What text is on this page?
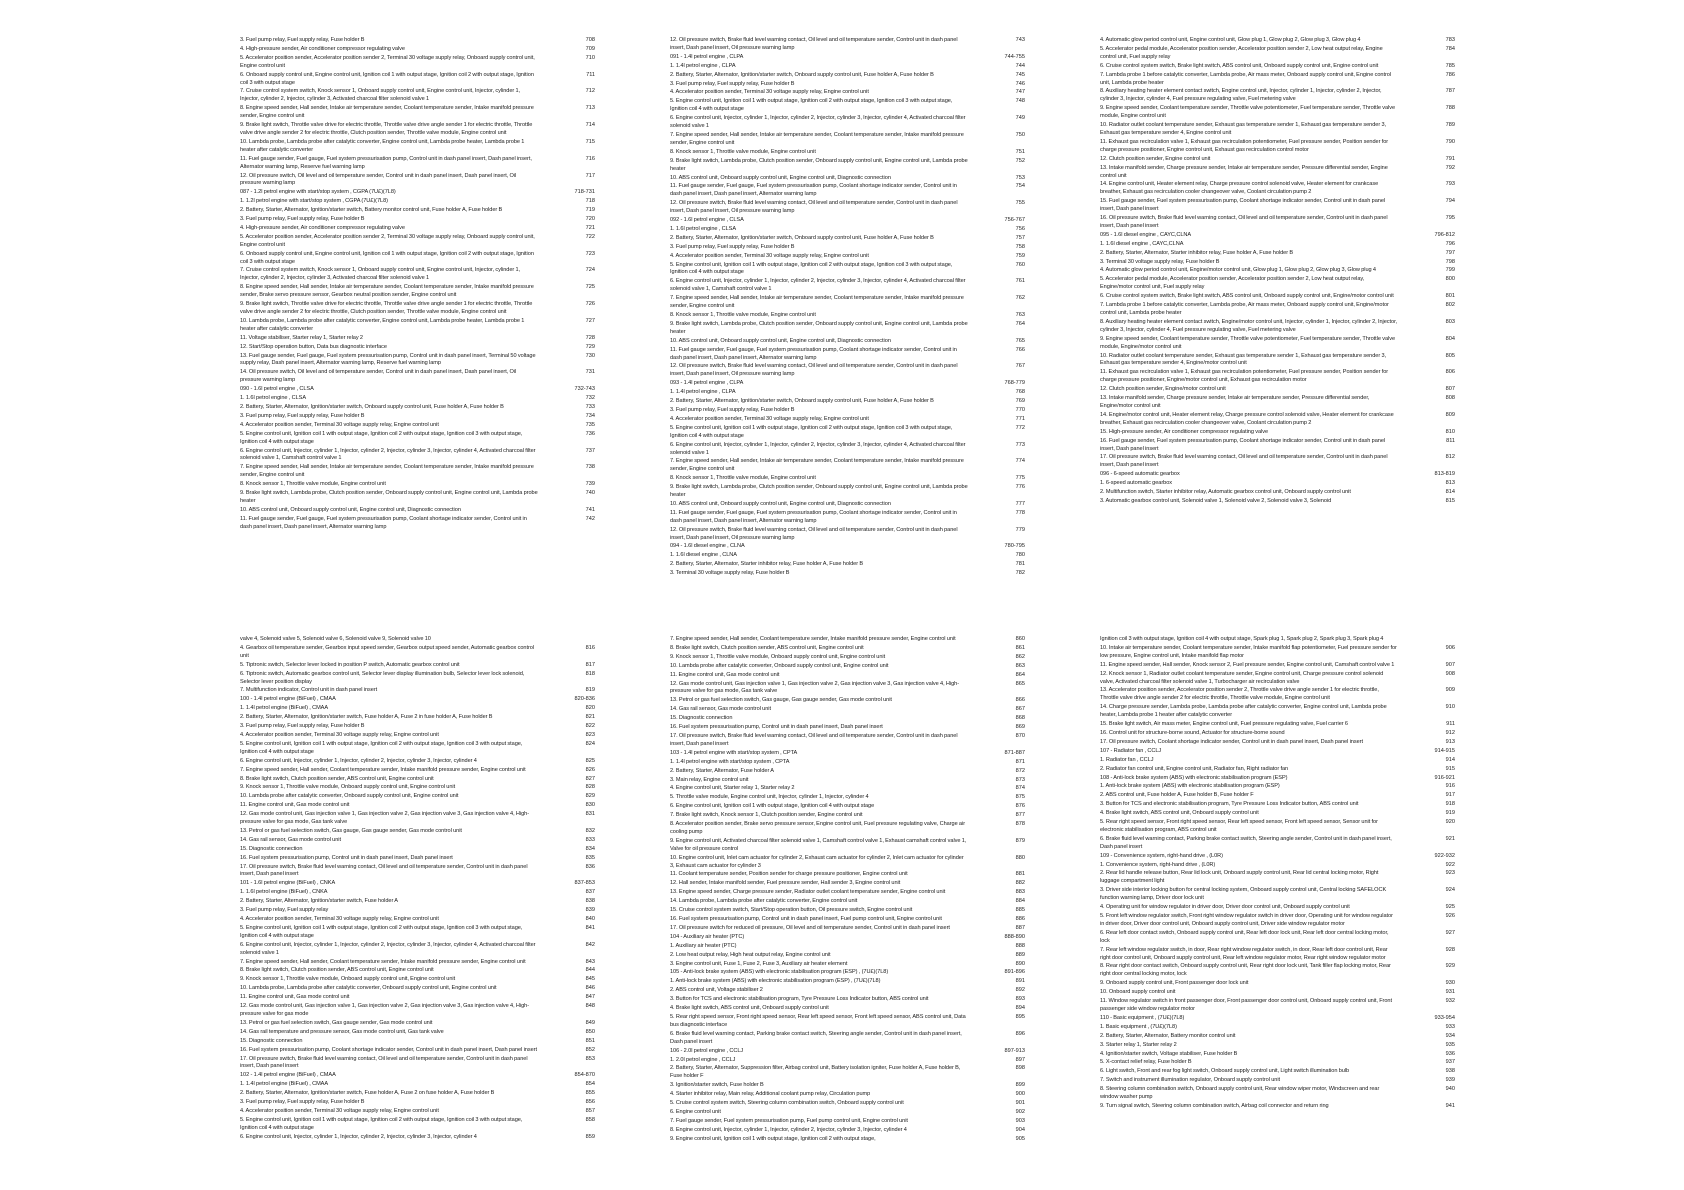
3. Fuel pump relay, Fuel supply relay, Fuse holder B	708
4. High-pressure sender, Air conditioner compressor regulating valve	709
5. Accelerator position sender, Accelerator position sender 2, Terminal 30 voltage supply relay, Onboard supply control unit, Engine control unit
710
6. Onboard supply control unit, Engine control unit, Ignition coil 1 with output stage, Ignition coil 2 with output stage, Ignition coil 3 with output stage
711
7. Cruise control system switch, Knock sensor 1, Onboard supply control unit, Engine control unit, Injector, cylinder 1, Injector, cylinder 2, Injector, cylinder 3, Activated charcoal filter solenoid valve 1
712
8. Engine speed sender, Hall sender, Intake air temperature sender, Coolant temperature sender, Intake manifold pressure sender, Engine control unit
713
9. Brake light switch, Throttle valve drive for electric throttle, Throttle valve drive angle sender 1 for electric throttle, Throttle valve drive angle sender 2 for electric throttle, Clutch position sender, Throttle valve module, Engine control unit
714
10. Lambda probe, Lambda probe after catalytic converter, Engine control unit, Lambda probe heater, Lambda probe 1 heater after catalytic converter
715
11. Fuel gauge sender, Fuel gauge, Fuel system pressurisation pump, Control unit in dash panel insert, Dash panel insert, Alternator warning lamp, Reserve fuel warning lamp
716
12. Oil pressure switch, Oil level and oil temperature sender, Control unit in dash panel insert, Dash panel insert, Oil pressure warning lamp
717
087 - 1.2l petrol engine with start/stop system , CGPA (7U£)(7L8)	718-731
1. 1.2l petrol engine with start/stop system , CGPA (7U£)(7L8)	718
2. Battery, Starter, Alternator, Ignition/starter switch, Battery monitor control unit, Fuse holder A, Fuse holder B	719
3. Fuel pump relay, Fuel supply relay, Fuse holder B	720
4. High-pressure sender, Air conditioner compressor regulating valve	721
5. Accelerator position sender, Accelerator position sender 2, Terminal 30 voltage supply relay, Onboard supply control unit, Engine control unit
722
6. Onboard supply control unit, Engine control unit, Ignition coil 1 with output stage, Ignition coil 2 with output stage, Ignition coil 3 with output stage
723
7. Cruise control system switch, Knock sensor 1, Onboard supply control unit, Engine control unit, Injector, cylinder 1, Injector, cylinder 2, Injector, cylinder 3, Activated charcoal filter solenoid valve 1
724
8. Engine speed sender, Hall sender, Intake air temperature sender, Coolant temperature sender, Intake manifold pressure sender, Brake servo pressure sensor, Gearbox neutral position sender, Engine control unit
725
9. Brake light switch, Throttle valve drive for electric throttle, Throttle valve drive angle sender 1 for electric throttle, Throttle valve drive angle sender 2 for electric throttle, Clutch position sender, Throttle valve module, Engine control unit
726
10. Lambda probe, Lambda probe after catalytic converter, Engine control unit, Lambda probe heater, Lambda probe 1 heater after catalytic converter
727
11. Voltage stabiliser, Starter relay 1, Starter relay 2	728
12. Start/Stop operation button, Data bus diagnostic interface	729
13. Fuel gauge sender, Fuel gauge, Fuel system pressurisation pump, Control unit in dash panel insert, Terminal 50 voltage supply relay, Dash panel insert, Alternator warning lamp, Reserve fuel warning lamp
730
14. Oil pressure switch, Oil level and oil temperature sender, Control unit in dash panel insert, Dash panel insert, Oil pressure warning lamp
731
090 - 1.6l petrol engine , CLSA	732-743
1. 1.6l petrol engine , CLSA	732
2. Battery, Starter, Alternator, Ignition/starter switch, Onboard supply control unit, Fuse holder A, Fuse holder B	733
3. Fuel pump relay, Fuel supply relay, Fuse holder B	734
4. Accelerator position sender, Terminal 30 voltage supply relay, Engine control unit	735
5. Engine control unit, Ignition coil 1 with output stage, Ignition coil 2 with output stage, Ignition coil 3 with output stage, Ignition coil 4 with output stage
736
6. Engine control unit, Injector, cylinder 1, Injector, cylinder 2, Injector, cylinder 3, Injector, cylinder 4, Activated charcoal filter solenoid valve 1, Camshaft control valve 1
737
7. Engine speed sender, Hall sender, Intake air temperature sender, Coolant temperature sender, Intake manifold pressure sender, Engine control unit
738
8. Knock sensor 1, Throttle valve module, Engine control unit	739
9. Brake light switch, Lambda probe, Clutch position sender, Onboard supply control unit, Engine control unit, Lambda probe heater
740
10. ABS control unit, Onboard supply control unit, Engine control unit, Diagnostic connection	741
11. Fuel gauge sender, Fuel gauge, Fuel system pressurisation pump, Coolant shortage indicator sender, Control unit in dash panel insert, Dash panel insert, Alternator warning lamp
742
12. Oil pressure switch, Brake fluid level warning contact, Oil level and oil temperature sender, Control unit in dash panel insert, Dash panel insert, Oil pressure warning lamp
743
091 - 1.4l petrol engine , CLPA	744-755
1. 1.4l petrol engine , CLPA	744
2. Battery, Starter, Alternator, Ignition/starter switch, Onboard supply control unit, Fuse holder A, Fuse holder B	745
3. Fuel pump relay, Fuel supply relay, Fuse holder B	746
4. Accelerator position sender, Terminal 30 voltage supply relay, Engine control unit	747
5. Engine control unit, Ignition coil 1 with output stage, Ignition coil 2 with output stage, Ignition coil 3 with output stage, Ignition coil 4 with output stage
748
6. Engine control unit, Injector, cylinder 1, Injector, cylinder 2, Injector, cylinder 3, Injector, cylinder 4, Activated charcoal filter solenoid valve 1
749
7. Engine speed sender, Hall sender, Intake air temperature sender, Coolant temperature sender, Intake manifold pressure sender, Engine control unit
750
8. Knock sensor 1, Throttle valve module, Engine control unit	751
9. Brake light switch, Lambda probe, Clutch position sender, Onboard supply control unit, Engine control unit, Lambda probe heater
752
10. ABS control unit, Onboard supply control unit, Engine control unit, Diagnostic connection	753
11. Fuel gauge sender, Fuel gauge, Fuel system pressurisation pump, Coolant shortage indicator sender, Control unit in dash panel insert, Dash panel insert, Alternator warning lamp
754
12. Oil pressure switch, Brake fluid level warning contact, Oil level and oil temperature sender, Control unit in dash panel insert, Dash panel insert, Oil pressure warning lamp
755
092 - 1.6l petrol engine , CLSA	756-767
1. 1.6l petrol engine , CLSA	756
2. Battery, Starter, Alternator, Ignition/starter switch, Onboard supply control unit, Fuse holder A, Fuse holder B	757
3. Fuel pump relay, Fuel supply relay, Fuse holder B	758
4. Accelerator position sender, Terminal 30 voltage supply relay, Engine control unit	759
5. Engine control unit, Ignition coil 1 with output stage, Ignition coil 2 with output stage, Ignition coil 3 with output stage, Ignition coil 4 with output stage
760
6. Engine control unit, Injector, cylinder 1, Injector, cylinder 2, Injector, cylinder 3, Injector, cylinder 4, Activated charcoal filter solenoid valve 1, Camshaft control valve 1
761
7. Engine speed sender, Hall sender, Intake air temperature sender, Coolant temperature sender, Intake manifold pressure sender, Engine control unit
762
8. Knock sensor 1, Throttle valve module, Engine control unit	763
9. Brake light switch, Lambda probe, Clutch position sender, Onboard supply control unit, Engine control unit, Lambda probe heater
764
10. ABS control unit, Onboard supply control unit, Engine control unit, Diagnostic connection	765
11. Fuel gauge sender, Fuel gauge, Fuel system pressurisation pump, Coolant shortage indicator sender, Control unit in dash panel insert, Dash panel insert, Alternator warning lamp
766
12. Oil pressure switch, Brake fluid level warning contact, Oil level and oil temperature sender, Control unit in dash panel insert, Dash panel insert, Oil pressure warning lamp
767
093 - 1.4l petrol engine , CLPA	768-779
1. 1.4l petrol engine , CLPA	768
2. Battery, Starter, Alternator, Ignition/starter switch, Onboard supply control unit, Fuse holder A, Fuse holder B	769
3. Fuel pump relay, Fuel supply relay, Fuse holder B	770
4. Accelerator position sender, Terminal 30 voltage supply relay, Engine control unit	771
5. Engine control unit, Ignition coil 1 with output stage, Ignition coil 2 with output stage, Ignition coil 3 with output stage, Ignition coil 4 with output stage
772
6. Engine control unit, Injector, cylinder 1, Injector, cylinder 2, Injector, cylinder 3, Injector, cylinder 4, Activated charcoal filter solenoid valve 1
773
7. Engine speed sender, Hall sender, Intake air temperature sender, Coolant temperature sender, Intake manifold pressure sender, Engine control unit
774
8. Knock sensor 1, Throttle valve module, Engine control unit	775
9. Brake light switch, Lambda probe, Clutch position sender, Onboard supply control unit, Engine control unit, Lambda probe heater
776
10. ABS control unit, Onboard supply control unit, Engine control unit, Diagnostic connection	777
11. Fuel gauge sender, Fuel gauge, Fuel system pressurisation pump, Coolant shortage indicator sender, Control unit in dash panel insert, Dash panel insert, Alternator warning lamp
778
12. Oil pressure switch, Brake fluid level warning contact, Oil level and oil temperature sender, Control unit in dash panel insert, Dash panel insert, Oil pressure warning lamp
779
094 - 1.6l diesel engine , CLNA	780-795
1. 1.6l diesel engine , CLNA	780
2. Battery, Starter, Alternator, Starter inhibitor relay, Fuse holder A, Fuse holder B	781
3. Terminal 30 voltage supply relay, Fuse holder B	782
4. Automatic glow period control unit, Engine control unit, Glow plug 1, Glow plug 2, Glow plug 3, Glow plug 4	783
5. Accelerator pedal module, Accelerator position sender, Accelerator position sender 2, Low heat output relay, Engine control unit, Fuel supply relay
784
6. Cruise control system switch, Brake light switch, ABS control unit, Onboard supply control unit, Engine control unit	785
7. Lambda probe 1 before catalytic converter, Lambda probe, Air mass meter, Onboard supply control unit, Engine control unit, Lambda probe heater
786
8. Auxiliary heating heater element contact switch, Engine control unit, Injector, cylinder 1, Injector, cylinder 2, Injector, cylinder 3, Injector, cylinder 4, Fuel pressure regulating valve, Fuel metering valve
787
9. Engine speed sender, Coolant temperature sender, Throttle valve potentiometer, Fuel temperature sender, Throttle valve module, Engine control unit
788
10. Radiator outlet coolant temperature sender, Exhaust gas temperature sender 1, Exhaust gas temperature sender 3, Exhaust gas temperature sender 4, Engine control unit
789
11. Exhaust gas recirculation valve 1, Exhaust gas recirculation potentiometer, Fuel pressure sender, Position sender for charge pressure positioner, Engine control unit, Exhaust gas recirculation control motor
790
12. Clutch position sender, Engine control unit	791
13. Intake manifold sender, Charge pressure sender, Intake air temperature sender, Pressure differential sender, Engine control unit
792
14. Engine control unit, Heater element relay, Charge pressure control solenoid valve, Heater element for crankcase breather, Exhaust gas recirculation cooler changeover valve, Coolant circulation pump 2
793
15. Fuel gauge sender, Fuel system pressurisation pump, Coolant shortage indicator sender, Control unit in dash panel insert, Dash panel insert
794
16. Oil pressure switch, Brake fluid level warning contact, Oil level and oil temperature sender, Control unit in dash panel insert, Dash panel insert
795
095 - 1.6l diesel engine , CAYC,CLNA	796-812
1. 1.6l diesel engine , CAYC,CLNA	796
2. Battery, Starter, Alternator, Starter inhibitor relay, Fuse holder A, Fuse holder B	797
3. Terminal 30 voltage supply relay, Fuse holder B	798
4. Automatic glow period control unit, Engine/motor control unit, Glow plug 1, Glow plug 2, Glow plug 3, Glow plug 4	799
5. Accelerator pedal module, Accelerator position sender, Accelerator position sender 2, Low heat output relay, Engine/motor control unit, Fuel supply relay
800
6. Cruise control system switch, Brake light switch, ABS control unit, Onboard supply control unit, Engine/motor control unit	801
7. Lambda probe 1 before catalytic converter, Lambda probe, Air mass meter, Onboard supply control unit, Engine/motor control unit, Lambda probe heater
802
8. Auxiliary heating heater element contact switch, Engine/motor control unit, Injector, cylinder 1, Injector, cylinder 2, Injector, cylinder 3, Injector, cylinder 4, Fuel pressure regulating valve, Fuel metering valve
803
9. Engine speed sender, Coolant temperature sender, Throttle valve potentiometer, Fuel temperature sender, Throttle valve module, Engine/motor control unit
804
10. Radiator outlet coolant temperature sender, Exhaust gas temperature sender 1, Exhaust gas temperature sender 3, Exhaust gas temperature sender 4, Engine/motor control unit
805
11. Exhaust gas recirculation valve 1, Exhaust gas recirculation potentiometer, Fuel pressure sender, Position sender for charge pressure positioner, Engine/motor control unit, Exhaust gas recirculation motor
806
12. Clutch position sender, Engine/motor control unit	807
13. Intake manifold sender, Charge pressure sender, Intake air temperature sender, Pressure differential sender, Engine/motor control unit
808
14. Engine/motor control unit, Heater element relay, Charge pressure control solenoid valve, Heater element for crankcase breather, Exhaust gas recirculation cooler changeover valve, Coolant circulation pump 2
809
15. High-pressure sender, Air conditioner compressor regulating valve	810
16. Fuel gauge sender, Fuel system pressurisation pump, Coolant shortage indicator sender, Control unit in dash panel insert, Dash panel insert
811
17. Oil pressure switch, Brake fluid level warning contact, Oil level and oil temperature sender, Control unit in dash panel insert, Dash panel insert
812
096 - 6-speed automatic gearbox	813-819
1. 6-speed automatic gearbox	813
2. Multifunction switch, Starter inhibitor relay, Automatic gearbox control unit, Onboard supply control unit	814
3. Automatic gearbox control unit, Solenoid valve 1, Solenoid valve 2, Solenoid valve 3, Solenoid	815
valve 4, Solenoid valve 5, Solenoid valve 6, Solenoid valve 9, Solenoid valve 10
4. Gearbox oil temperature sender, Gearbox input speed sender, Gearbox output speed sender, Automatic gearbox control unit
816
5. Tiptronic switch, Selector lever locked in position P switch, Automatic gearbox control unit	817
6. Tiptronic switch, Automatic gearbox control unit, Selector lever display illumination bulb, Selector lever lock solenoid, Selector lever position display
818
7. Multifunction indicator, Control unit in dash panel insert	819
100 - 1.4l petrol engine (BiFuel) , CMAA	820-836
1. 1.4l petrol engine (BiFuel) , CMAA	820
2. Battery, Starter, Alternator, Ignition/starter switch, Fuse holder A, Fuse 2 in fuse holder A, Fuse holder B	821
3. Fuel pump relay, Fuel supply relay, Fuse holder B	822
4. Accelerator position sender, Terminal 30 voltage supply relay, Engine control unit	823
5. Engine control unit, Ignition coil 1 with output stage, Ignition coil 2 with output stage, Ignition coil 3 with output stage, Ignition coil 4 with output stage
824
6. Engine control unit, Injector, cylinder 1, Injector, cylinder 2, Injector, cylinder 3, Injector, cylinder 4	825
7. Engine speed sender, Hall sender, Coolant temperature sender, Intake manifold pressure sender, Engine control unit	826
8. Brake light switch, Clutch position sender, ABS control unit, Engine control unit	827
9. Knock sensor 1, Throttle valve module, Onboard supply control unit, Engine control unit	828
10. Lambda probe after catalytic converter, Onboard supply control unit, Engine control unit	829
11. Engine control unit, Gas mode control unit	830
12. Gas mode control unit, Gas injection valve 1, Gas injection valve 2, Gas injection valve 3, Gas injection valve 4, High-pressure valve for gas mode, Gas tank valve
831
13. Petrol or gas fuel selection switch, Gas gauge, Gas gauge sender, Gas mode control unit	832
14. Gas rail sensor, Gas mode control unit	833
15. Diagnostic connection	834
16. Fuel system pressurisation pump, Control unit in dash panel insert, Dash panel insert	835
17. Oil pressure switch, Brake fluid level warning contact, Oil level and oil temperature sender, Control unit in dash panel insert, Dash panel insert
836
101 - 1.6l petrol engine (BiFuel) , CNKA	837-853
1. 1.6l petrol engine (BiFuel) , CNKA	837
2. Battery, Starter, Alternator, Ignition/starter switch, Fuse holder A	838
3. Fuel pump relay, Fuel supply relay	839
4. Accelerator position sender, Terminal 30 voltage supply relay, Engine control unit	840
5. Engine control unit, Ignition coil 1 with output stage, Ignition coil 2 with output stage, Ignition coil 3 with output stage, Ignition coil 4 with output stage
841
6. Engine control unit, Injector, cylinder 1, Injector, cylinder 2, Injector, cylinder 3, Injector, cylinder 4, Activated charcoal filter solenoid valve 1
842
7. Engine speed sender, Hall sender, Coolant temperature sender, Intake manifold pressure sender, Engine control unit	843
8. Brake light switch, Clutch position sender, ABS control unit, Engine control unit	844
9. Knock sensor 1, Throttle valve module, Onboard supply control unit, Engine control unit	845
10. Lambda probe, Lambda probe after catalytic converter, Onboard supply control unit, Engine control unit	846
11. Engine control unit, Gas mode control unit	847
12. Gas mode control unit, Gas injection valve 1, Gas injection valve 2, Gas injection valve 3, Gas injection valve 4, High-pressure valve for gas mode
848
13. Petrol or gas fuel selection switch, Gas gauge sender, Gas mode control unit	849
14. Gas rail temperature and pressure sensor, Gas mode control unit, Gas tank valve	850
15. Diagnostic connection	851
16. Fuel system pressurisation pump, Coolant shortage indicator sender, Control unit in dash panel insert, Dash panel insert	852
17. Oil pressure switch, Brake fluid level warning contact, Oil level and oil temperature sender, Control unit in dash panel insert, Dash panel insert
853
102 - 1.4l petrol engine (BiFuel) , CMAA	854-870
1. 1.4l petrol engine (BiFuel) , CMAA	854
2. Battery, Starter, Alternator, Ignition/starter switch, Fuse holder A, Fuse 2 on fuse holder A, Fuse holder B	855
3. Fuel pump relay, Fuel supply relay, Fuse holder B	856
4. Accelerator position sender, Terminal 30 voltage supply relay, Engine control unit	857
5. Engine control unit, Ignition coil 1 with output stage, Ignition coil 2 with output stage, Ignition coil 3 with output stage, Ignition coil 4 with output stage
858
6. Engine control unit, Injector, cylinder 1, Injector, cylinder 2, Injector, cylinder 3, Injector, cylinder 4	859
7. Engine speed sender, Hall sender, Coolant temperature sender, Intake manifold pressure sender, Engine control unit	860
8. Brake light switch, Clutch position sender, ABS control unit, Engine control unit	861
9. Knock sensor 1, Throttle valve module, Onboard supply control unit, Engine control unit	862
10. Lambda probe after catalytic converter, Onboard supply control unit, Engine control unit	863
11. Engine control unit, Gas mode control unit	864
12. Gas mode control unit, Gas injection valve 1, Gas injection valve 2, Gas injection valve 3, Gas injection valve 4, High-pressure valve for gas mode, Gas tank valve
865
13. Petrol or gas fuel selection switch, Gas gauge, Gas gauge sender, Gas mode control unit	866
14. Gas rail sensor, Gas mode control unit	867
15. Diagnostic connection	868
16. Fuel system pressurisation pump, Control unit in dash panel insert, Dash panel insert	869
17. Oil pressure switch, Brake fluid level warning contact, Oil level and oil temperature sender, Control unit in dash panel insert, Dash panel insert
870
103 - 1.4l petrol engine with start/stop system , CPTA	871-887
1. 1.4l petrol engine with start/stop system , CPTA	871
2. Battery, Starter, Alternator, Fuse holder A	872
3. Main relay, Engine control unit	873
4. Engine control unit, Starter relay 1, Starter relay 2	874
5. Throttle valve module, Engine control unit, Injector, cylinder 1, Injector, cylinder 4	875
6. Engine control unit, Ignition coil 1 with output stage, Ignition coil 4 with output stage	876
7. Brake light switch, Knock sensor 1, Clutch position sender, Engine control unit	877
8. Accelerator position sender, Brake servo pressure sensor, Engine control unit, Fuel pressure regulating valve, Charge air cooling pump
878
9. Engine control unit, Activated charcoal filter solenoid valve 1, Camshaft control valve 1, Exhaust camshaft control valve 1, Valve for oil pressure control
879
10. Engine control unit, Inlet cam actuator for cylinder 2, Exhaust cam actuator for cylinder 2, Inlet cam actuator for cylinder 3, Exhaust cam actuator for cylinder 3
880
11. Coolant temperature sender, Position sender for charge pressure positioner, Engine control unit	881
12. Hall sender, Intake manifold sender, Fuel pressure sender, Hall sender 3, Engine control unit	882
13. Engine speed sender, Charge pressure sender, Radiator outlet coolant temperature sender, Engine control unit	883
14. Lambda probe, Lambda probe after catalytic converter, Engine control unit	884
15. Cruise control system switch, Start/Stop operation button, Oil pressure switch, Engine control unit	885
16. Fuel system pressurisation pump, Control unit in dash panel insert, Fuel pump control unit, Engine control unit	886
17. Oil pressure switch for reduced oil pressure, Oil level and oil temperature sender, Control unit in dash panel insert	887
104 - Auxiliary air heater (PTC)	888-890
1. Auxiliary air heater (PTC)	888
2. Low heat output relay, High heat output relay, Engine control unit	889
3. Engine control unit, Fuse 1, Fuse 2, Fuse 3, Auxiliary air heater element	890
105 - Anti-lock brake system (ABS) with electronic stabilisation program (ESP) , (7U£)(7L8)	891-896
1. Anti-lock brake system (ABS) with electronic stabilisation program (ESP) , (7U£)(7L8)	891
2. ABS control unit, Voltage stabiliser 2	892
3. Button for TCS and electronic stabilisation program, Tyre Pressure Loss Indicator button, ABS control unit	893
4. Brake light switch, ABS control unit, Onboard supply control unit	894
5. Rear right speed sensor, Front right speed sensor, Rear left speed sensor, Front left speed sensor, ABS control unit, Data bus diagnostic interface
895
6. Brake fluid level warning contact, Parking brake contact switch, Steering angle sender, Control unit in dash panel insert, Dash panel insert
896
106 - 2.0l petrol engine , CCLJ	897-913
1. 2.0l petrol engine , CCLJ	897
2. Battery, Starter, Alternator, Suppression filter, Airbag control unit, Battery isolation igniter, Fuse holder A, Fuse holder B, Fuse holder F
898
3. Ignition/starter switch, Fuse holder B	899
4. Starter inhibitor relay, Main relay, Additional coolant pump relay, Circulation pump	900
5. Cruise control system switch, Steering column combination switch, Onboard supply control unit	901
6. Engine control unit	902
7. Fuel gauge sender, Fuel system pressurisation pump, Fuel pump control unit, Engine control unit	903
8. Engine control unit, Injector, cylinder 1, Injector, cylinder 2, Injector, cylinder 3, Injector, cylinder 4	904
9. Engine control unit, Ignition coil 1 with output stage, Ignition coil 2 with output stage,	905
Ignition coil 3 with output stage, Ignition coil 4 with output stage, Spark plug 1, Spark plug 2, Spark plug 3, Spark plug 4
10. Intake air temperature sender, Coolant temperature sender, Intake manifold flap potentiometer, Fuel pressure sender for low pressure, Engine control unit, Intake manifold flap motor
906
11. Engine speed sender, Hall sender, Knock sensor 2, Fuel pressure sender, Engine control unit, Camshaft control valve 1	907
12. Knock sensor 1, Radiator outlet coolant temperature sender, Engine control unit, Charge pressure control solenoid valve, Activated charcoal filter solenoid valve 1, Turbocharger air recirculation valve
908
13. Accelerator position sender, Accelerator position sender 2, Throttle valve drive angle sender 1 for electric throttle, Throttle valve drive angle sender 2 for electric throttle, Throttle valve module, Engine control unit
909
14. Charge pressure sender, Lambda probe, Lambda probe after catalytic converter, Engine control unit, Lambda probe heater, Lambda probe 1 heater after catalytic converter
910
15. Brake light switch, Air mass meter, Engine control unit, Fuel pressure regulating valve, Fuel carrier 6	911
16. Control unit for structure-borne sound, Actuator for structure-borne sound	912
17. Oil pressure switch, Coolant shortage indicator sender, Control unit in dash panel insert, Dash panel insert	913
107 - Radiator fan , CCLJ	914-915
1. Radiator fan , CCLJ	914
2. Radiator fan control unit, Engine control unit, Radiator fan, Right radiator fan	915
108 - Anti-lock brake system (ABS) with electronic stabilisation program (ESP)	916-921
1. Anti-lock brake system (ABS) with electronic stabilisation program (ESP)	916
2. ABS control unit, Fuse holder A, Fuse holder B, Fuse holder F	917
3. Button for TCS and electronic stabilisation program, Tyre Pressure Loss Indicator button, ABS control unit	918
4. Brake light switch, ABS control unit, Onboard supply control unit	919
5. Rear right speed sensor, Front right speed sensor, Rear left speed sensor, Front left speed sensor, Sensor unit for electronic stabilisation program, ABS control unit
920
6. Brake fluid level warning contact, Parking brake contact switch, Steering angle sender, Control unit in dash panel insert, Dash panel insert
921
109 - Convenience system, right-hand drive , (L0R)	922-932
1. Convenience system, right-hand drive , (L0R)	922
2. Rear lid handle release button, Rear lid lock unit, Onboard supply control unit, Rear lid central locking motor, Right luggage compartment light
923
3. Driver side interior locking button for central locking system, Onboard supply control unit, Central locking SAFELOCK function warning lamp, Driver door lock unit
924
4. Operating unit for window regulator in driver door, Driver door control unit, Onboard supply control unit	925
5. Front left window regulator switch, Front right window regulator switch in driver door, Operating unit for window regulator in driver door, Driver door control unit, Onboard supply control unit, Driver side window regulator motor
926
6. Rear left door contact switch, Onboard supply control unit, Rear left door lock unit, Rear left door central locking motor, lock
927
7. Rear left window regulator switch, in door, Rear right window regulator switch, in door, Rear left door control unit, Rear right door control unit, Onboard supply control unit, Rear left window regulator motor, Rear right window regulator motor
928
8. Rear right door contact switch, Onboard supply control unit, Rear right door lock unit, Tank filler flap locking motor, Rear right door central locking motor, lock
929
9. Onboard supply control unit, Front passenger door lock unit	930
10. Onboard supply control unit	931
11. Window regulator switch in front passenger door, Front passenger door control unit, Onboard supply control unit, Front passenger side window regulator motor
932
110 - Basic equipment , (7U£)(7L8)	933-954
1. Basic equipment , (7U£)(7L8)	933
2. Battery, Starter, Alternator, Battery monitor control unit	934
3. Starter relay 1, Starter relay 2	935
4. Ignition/starter switch, Voltage stabiliser, Fuse holder B	936
5. X-contact relief relay, Fuse holder B	937
6. Light switch, Front and rear fog light switch, Onboard supply control unit, Light switch illumination bulb	938
7. Switch and instrument illumination regulator, Onboard supply control unit	939
8. Steering column combination switch, Onboard supply control unit, Rear window wiper motor, Windscreen and rear window washer pump
940
9. Turn signal switch, Steering column combination switch, Airbag coil connector and return ring	941
